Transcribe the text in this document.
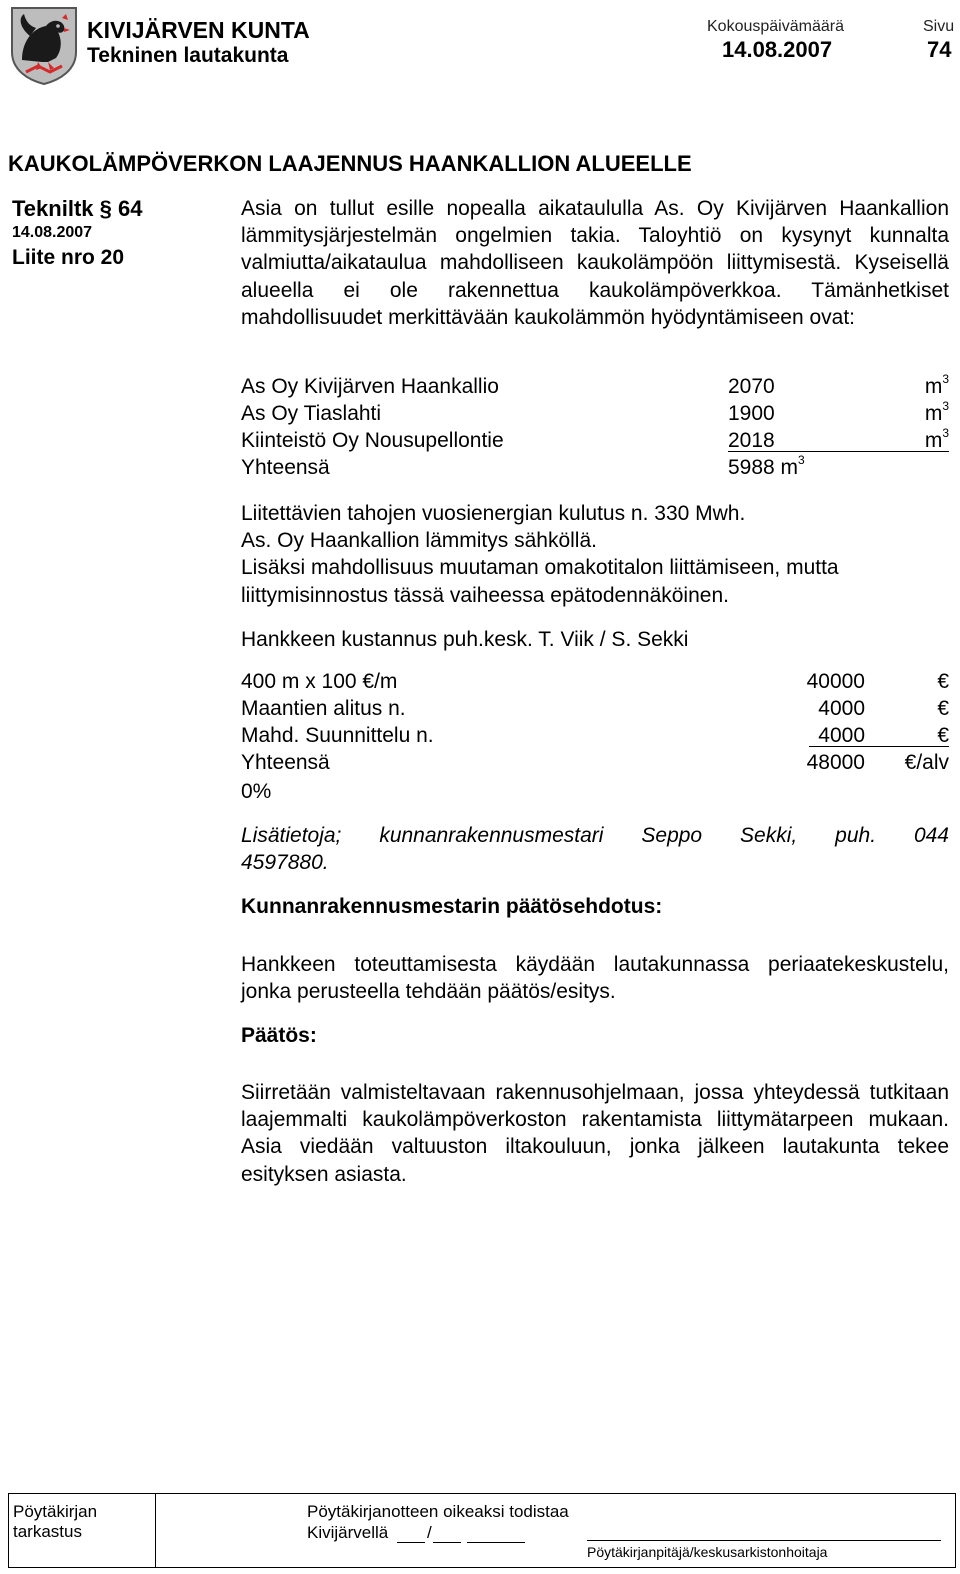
KIVIJÄRVEN KUNTA
Tekninen lautakunta
Kokouspäivämäärä
14.08.2007
Sivu
74
KAUKOLÄMPÖVERKON LAAJENNUS HAANKALLION ALUEELLE
Tekniltk § 64
14.08.2007
Liite nro 20
Asia on tullut esille nopealla aikataululla As. Oy Kivijärven Haankallion lämmitysjärjestelmän ongelmien takia. Taloyhtiö on kysynyt kunnalta valmiutta/aikataulua mahdolliseen kaukolämpöön liittymisestä. Kyseisellä alueella ei ole rakennettua kaukolämpöverkkoa. Tämänhetkiset mahdollisuudet merkittävään kaukolämmön hyödyntämiseen ovat:
As Oy Kivijärven Haankallio	2070	$m^3$
As Oy Tiaslahti	1900	$m^3$
Kiinteistö Oy Nousupellontie	2018	$m^3$
Yhteensä	5988 $m^3$
Liitettävien tahojen vuosienergian kulutus n. 330 Mwh.
As. Oy Haankallion lämmitys sähköllä.
Lisäksi mahdollisuus muutaman omakotitalon liittämiseen, mutta
liittymisinnostus tässä vaiheessa epätodennäköinen.
Hankkeen kustannus puh.kesk. T. Viik / S. Sekki
400 m x 100 €/m	40000	€
Maantien alitus n.	4000	€
Mahd. Suunnittelu n.	4000	€
Yhteensä	48000 €/alv
0%
Lisätietoja; kunnanrakennusmestari Seppo Sekki, puh. 044
4597880.
Kunnanrakennusmestarin päätösehdotus:
Hankkeen toteuttamisesta käydään lautakunnassa periaatekeskustelu, jonka perusteella tehdään päätös/esitys.
Päätös:
Siirretään valmisteltavaan rakennusohjelmaan, jossa yhteydessä tutkitaan laajemmalti kaukolämpöverkoston rakentamista liittymätarpeen mukaan. Asia viedään valtuuston iltakouluun, jonka jälkeen lautakunta tekee esityksen asiasta.
Pöytäkirjan tarkastus
Pöytäkirjanotteen oikeaksi todistaa
Kivijärvellä /
Pöytäkirjanpitäjä/keskusarkistonhoitaja
